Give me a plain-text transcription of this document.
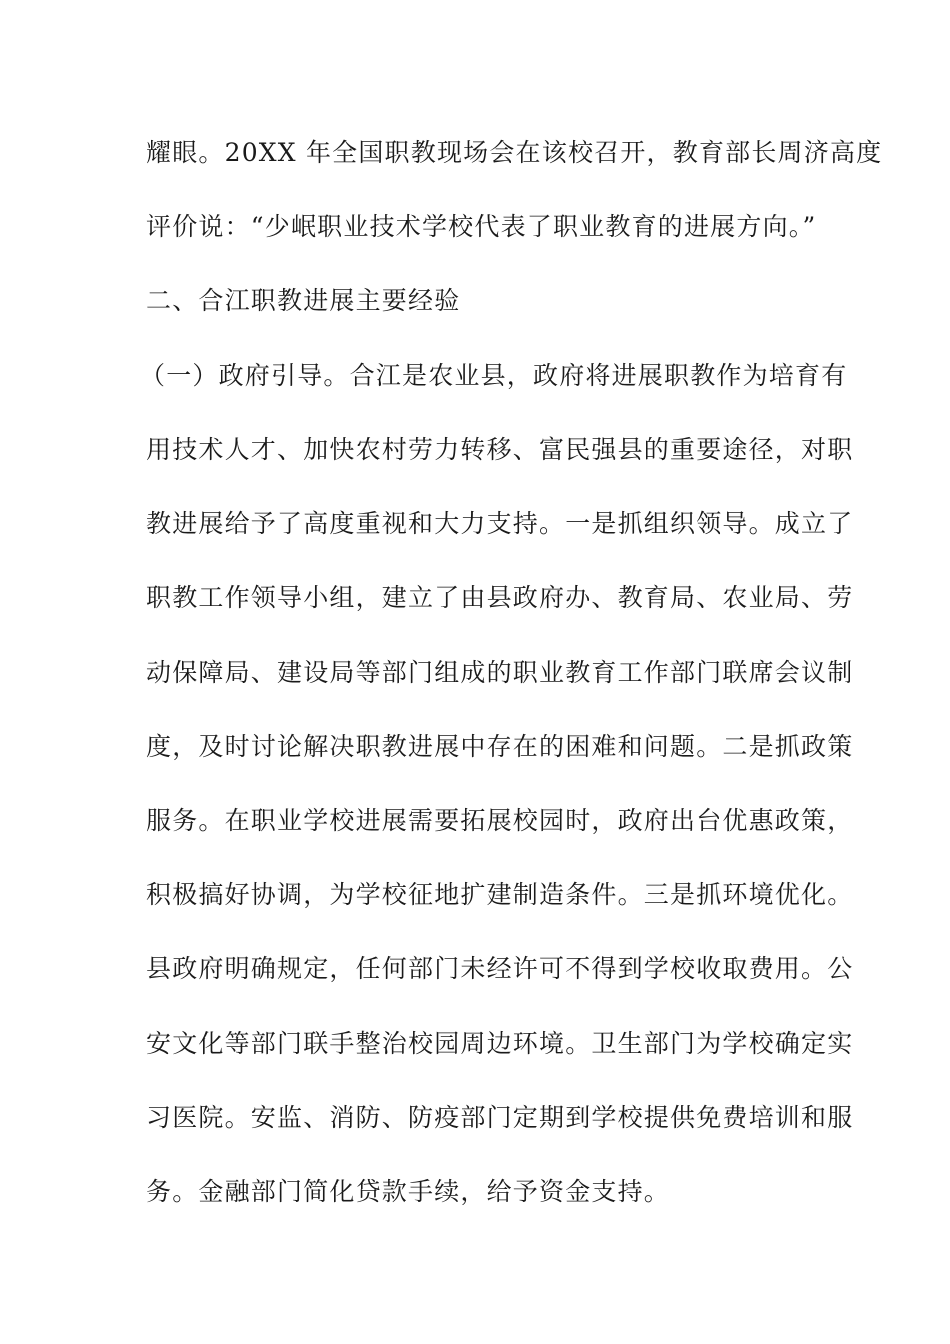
耀眼。20XX 年全国职教现场会在该校召开，教育部长周济高度
评价说：“少岷职业技术学校代表了职业教育的进展方向。”
二、合江职教进展主要经验
（一）政府引导。合江是农业县，政府将进展职教作为培育有
用技术人才、加快农村劳力转移、富民强县的重要途径，对职
教进展给予了高度重视和大力支持。一是抓组织领导。成立了
职教工作领导小组，建立了由县政府办、教育局、农业局、劳
动保障局、建设局等部门组成的职业教育工作部门联席会议制
度，及时讨论解决职教进展中存在的困难和问题。二是抓政策
服务。在职业学校进展需要拓展校园时，政府出台优惠政策，
积极搞好协调，为学校征地扩建制造条件。三是抓环境优化。
县政府明确规定，任何部门未经许可不得到学校收取费用。公
安文化等部门联手整治校园周边环境。卫生部门为学校确定实
习医院。安监、消防、防疫部门定期到学校提供免费培训和服
务。金融部门简化贷款手续，给予资金支持。
